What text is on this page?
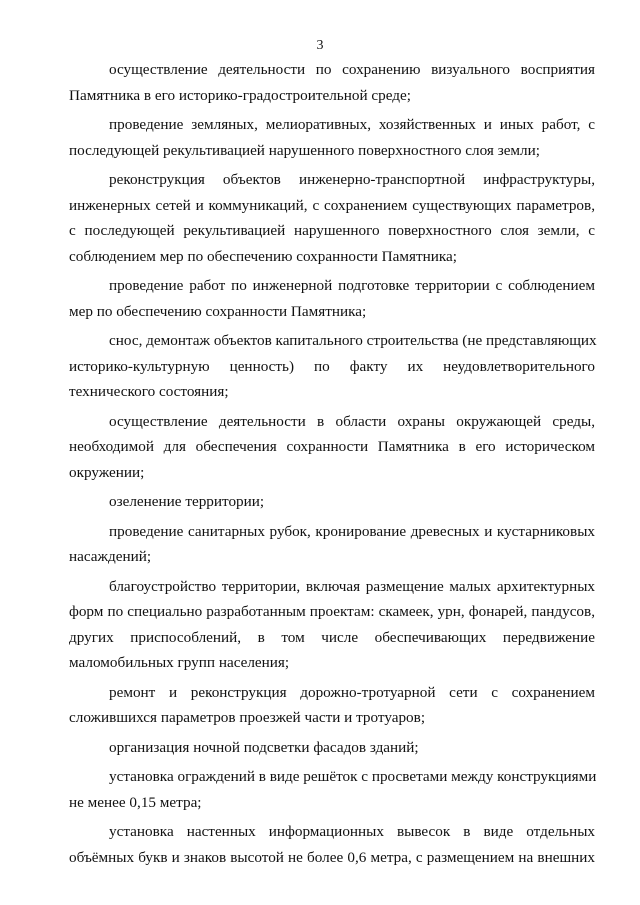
3
осуществление деятельности по сохранению визуального восприятия
Памятника в его историко-градостроительной среде;
проведение земляных, мелиоративных, хозяйственных и иных работ, с
последующей рекультивацией нарушенного поверхностного слоя земли;
реконструкция объектов инженерно-транспортной инфраструктуры,
инженерных сетей и коммуникаций, с сохранением существующих параметров,
с последующей рекультивацией нарушенного поверхностного слоя земли, с
соблюдением мер по обеспечению сохранности Памятника;
проведение работ по инженерной подготовке территории с соблюдением
мер по обеспечению сохранности Памятника;
снос, демонтаж объектов капитального строительства (не представляющих
историко-культурную ценность) по факту их неудовлетворительного
технического состояния;
осуществление деятельности в области охраны окружающей среды,
необходимой для обеспечения сохранности Памятника в его историческом
окружении;
озеленение территории;
проведение санитарных рубок, кронирование древесных и кустарниковых
насаждений;
благоустройство территории, включая размещение малых архитектурных
форм по специально разработанным проектам: скамеек, урн, фонарей, пандусов,
других приспособлений, в том числе обеспечивающих передвижение
маломобильных групп населения;
ремонт и реконструкция дорожно-тротуарной сети с сохранением
сложившихся параметров проезжей части и тротуаров;
организация ночной подсветки фасадов зданий;
установка ограждений в виде решёток с просветами между конструкциями
не менее 0,15 метра;
установка настенных информационных вывесок в виде отдельных
объёмных букв и знаков высотой не более 0,6 метра, с размещением на внешних
